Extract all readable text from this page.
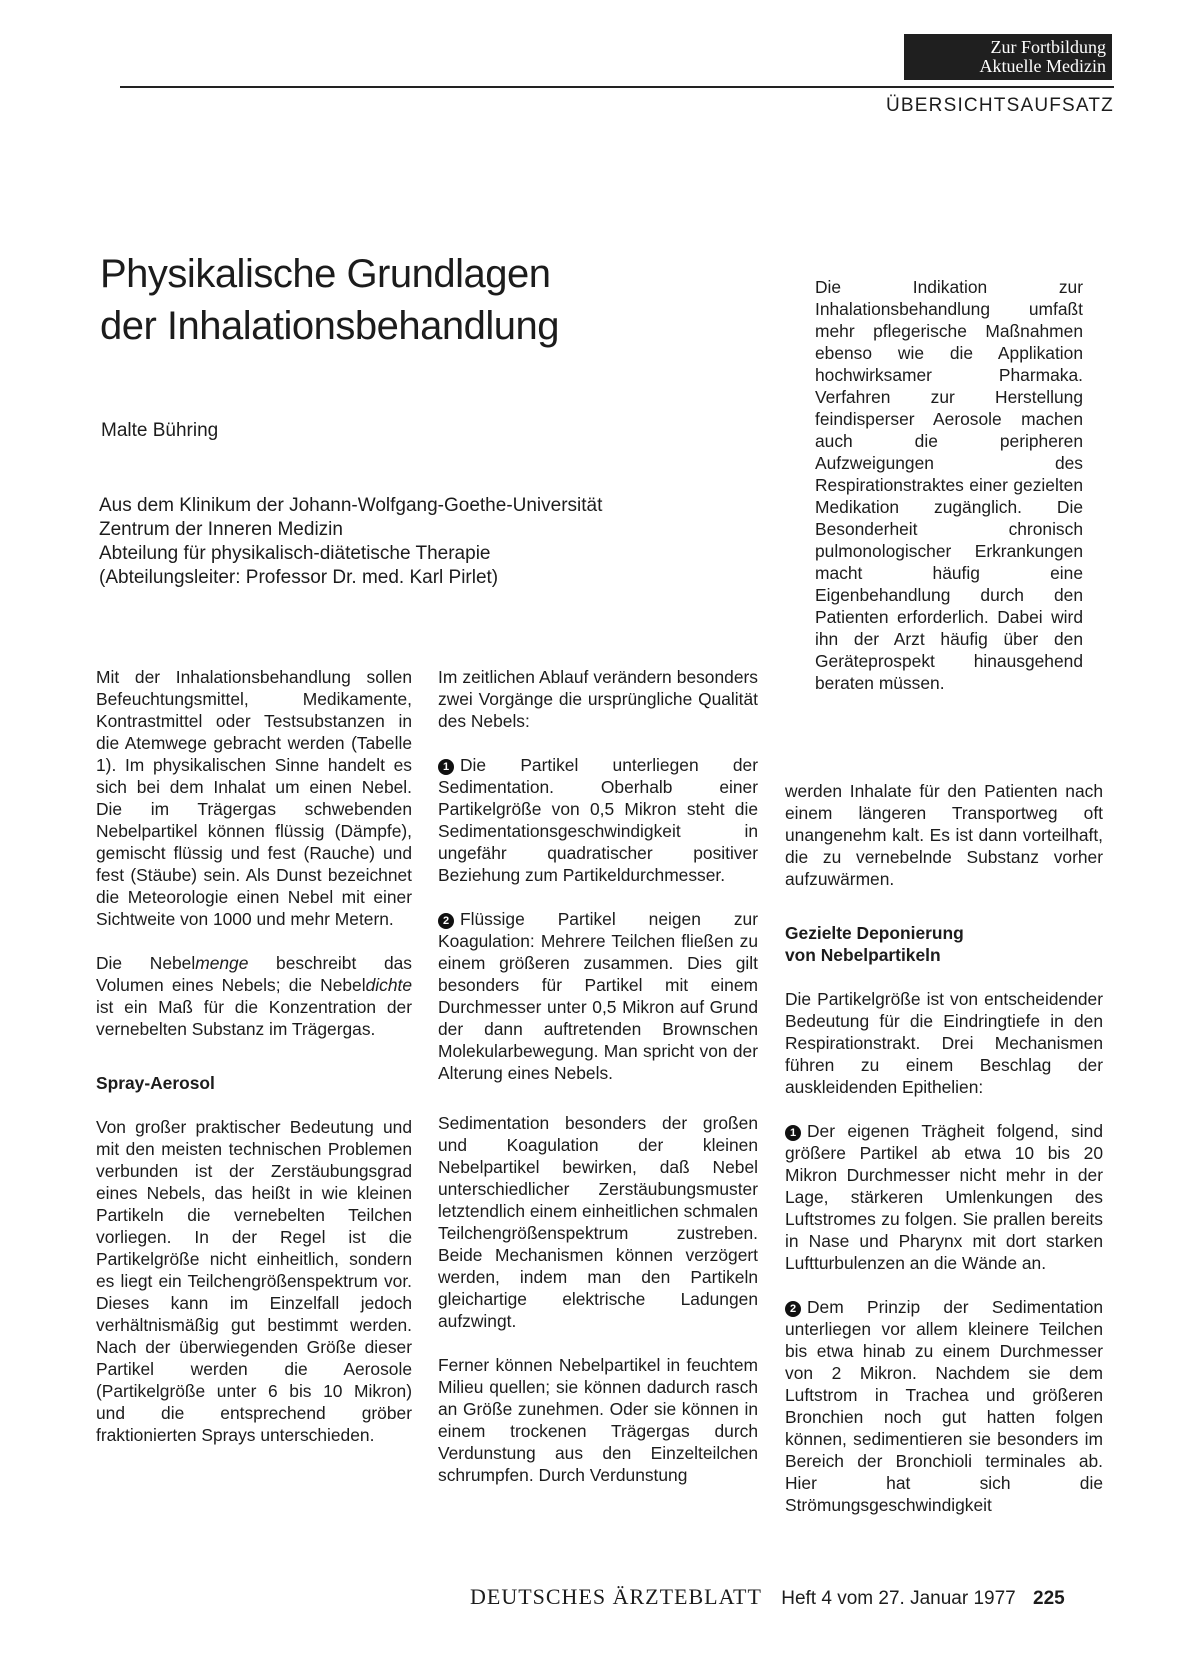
Zur Fortbildung
Aktuelle Medizin
ÜBERSICHTSAUFSATZ
Physikalische Grundlagen
der Inhalationsbehandlung
Malte Bühring
Aus dem Klinikum der Johann-Wolfgang-Goethe-Universität
Zentrum der Inneren Medizin
Abteilung für physikalisch-diätetische Therapie
(Abteilungsleiter: Professor Dr. med. Karl Pirlet)

Die Indikation zur Inhalationsbehandlung umfaßt mehr pflegerische Maßnahmen ebenso wie die Applikation hochwirksamer Pharmaka. Verfahren zur Herstellung feindisperser Aerosole machen auch die peripheren Aufzweigungen des Respirationstraktes einer gezielten Medikation zugänglich. Die Besonderheit chronisch pulmonologischer Erkrankungen macht häufig eine Eigenbehandlung durch den Patienten erforderlich. Dabei wird ihn der Arzt häufig über den Geräteprospekt hinausgehend beraten müssen.

Mit der Inhalationsbehandlung sollen Befeuchtungsmittel, Medikamente, Kontrastmittel oder Testsubstanzen in die Atemwege gebracht werden (Tabelle 1). Im physikalischen Sinne handelt es sich bei dem Inhalat um einen Nebel. Die im Trägergas schwebenden Nebelpartikel können flüssig (Dämpfe), gemischt flüssig und fest (Rauche) und fest (Stäube) sein. Als Dunst bezeichnet die Meteorologie einen Nebel mit einer Sichtweite von 1000 und mehr Metern.

Die Nebelmenge beschreibt das Volumen eines Nebels; die Nebeldichte ist ein Maß für die Konzentration der vernebelten Substanz im Trägergas.

Spray-Aerosol

Von großer praktischer Bedeutung und mit den meisten technischen Problemen verbunden ist der Zerstäubungsgrad eines Nebels, das heißt in wie kleinen Partikeln die vernebelten Teilchen vorliegen. In der Regel ist die Partikelgröße nicht einheitlich, sondern es liegt ein Teilchengrößenspektrum vor. Dieses kann im Einzelfall jedoch verhältnismäßig gut bestimmt werden. Nach der überwiegenden Größe dieser Partikel werden die Aerosole (Partikelgröße unter 6 bis 10 Mikron) und die entsprechend gröber fraktionierten Sprays unterschieden.

Im zeitlichen Ablauf verändern besonders zwei Vorgänge die ursprüngliche Qualität des Nebels:

1 Die Partikel unterliegen der Sedimentation. Oberhalb einer Partikelgröße von 0,5 Mikron steht die Sedimentationsgeschwindigkeit in ungefähr quadratischer positiver Beziehung zum Partikeldurchmesser.

2 Flüssige Partikel neigen zur Koagulation: Mehrere Teilchen fließen zu einem größeren zusammen. Dies gilt besonders für Partikel mit einem Durchmesser unter 0,5 Mikron auf Grund der dann auftretenden Brownschen Molekularbewegung. Man spricht von der Alterung eines Nebels.

Sedimentation besonders der großen und Koagulation der kleinen Nebelpartikel bewirken, daß Nebel unterschiedlicher Zerstäubungsmuster letztendlich einem einheitlichen schmalen Teilchengrößenspektrum zustreben. Beide Mechanismen können verzögert werden, indem man den Partikeln gleichartige elektrische Ladungen aufzwingt.

Ferner können Nebelpartikel in feuchtem Milieu quellen; sie können dadurch rasch an Größe zunehmen. Oder sie können in einem trockenen Trägergas durch Verdunstung aus den Einzelteilchen schrumpfen. Durch Verdunstung

werden Inhalate für den Patienten nach einem längeren Transportweg oft unangenehm kalt. Es ist dann vorteilhaft, die zu vernebelnde Substanz vorher aufzuwärmen.

Gezielte Deponierung
von Nebelpartikeln

Die Partikelgröße ist von entscheidender Bedeutung für die Eindringtiefe in den Respirationstrakt. Drei Mechanismen führen zu einem Beschlag der auskleidenden Epithelien:

1 Der eigenen Trägheit folgend, sind größere Partikel ab etwa 10 bis 20 Mikron Durchmesser nicht mehr in der Lage, stärkeren Umlenkungen des Luftstromes zu folgen. Sie prallen bereits in Nase und Pharynx mit dort starken Luftturbulenzen an die Wände an.

2 Dem Prinzip der Sedimentation unterliegen vor allem kleinere Teilchen bis etwa hinab zu einem Durchmesser von 2 Mikron. Nachdem sie dem Luftstrom in Trachea und größeren Bronchien noch gut hatten folgen können, sedimentieren sie besonders im Bereich der Bronchioli terminales ab. Hier hat sich die Strömungsgeschwindigkeit

DEUTSCHES ÄRZTEBLATT Heft 4 vom 27. Januar 1977 225
